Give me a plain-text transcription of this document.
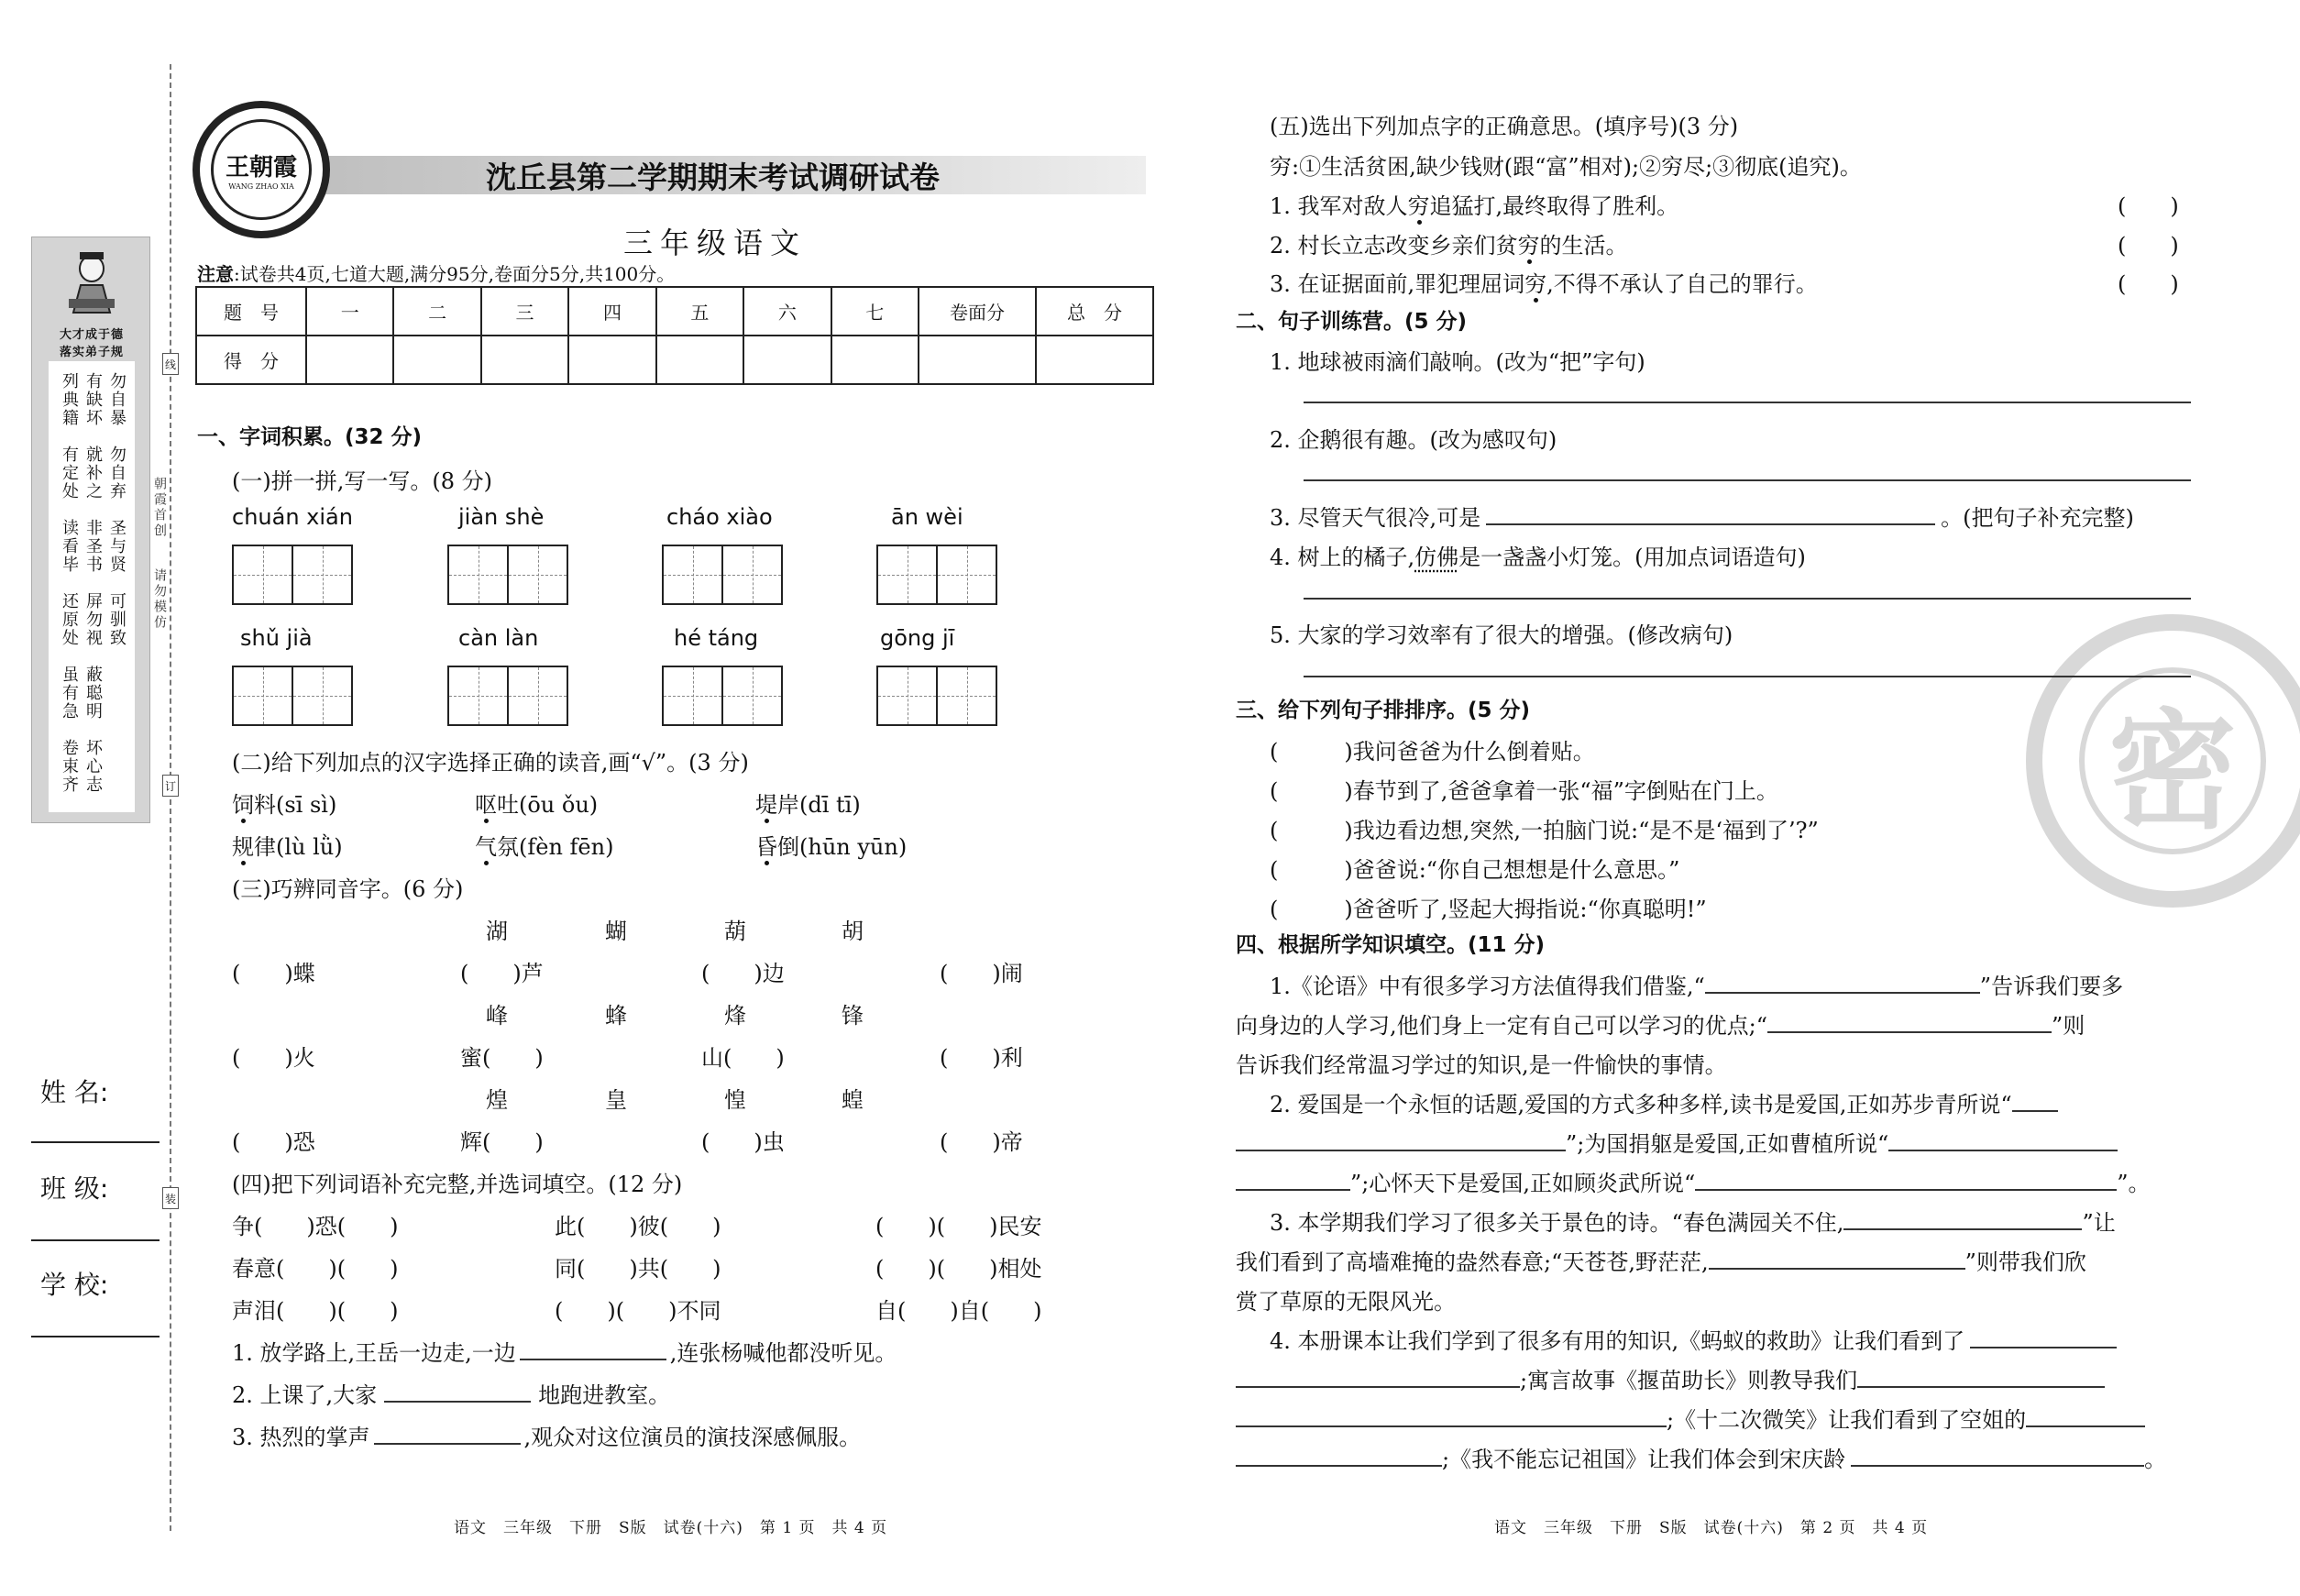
大才成于德
落实弟子规
勿自暴
有缺坏
列典籍
勿自弃
就补之
有定处
圣与贤
非圣书
读看毕
可驯致
屏勿视
还原处
蔽聪明
虽有急
坏心志
卷束齐
线
订
装
朝霞首创
请勿模仿
姓 名:
班 级:
学 校:
王朝霞
WANG ZHAO XIA	沈丘县第二学期期末考试调研试卷
三年级语文
注意:试卷共4页,七道大题,满分95分,卷面分5分,共100分。
题　号	一	二	三	四	五	六	七	卷面分	总　分
得　分									
一、字词积累。(32 分)
(一)拼一拼,写一写。(8 分)
chuán xián	jiàn shè	cháo xiào	ān wèi
shǔ jià	càn làn	hé táng	gōng jī
(二)给下列加点的汉字选择正确的读音,画“√”。(3 分)
饲料(sī sì)	呕吐(ōu ǒu)	堤岸(dī tī)
规律(lù lǜ)	气氛(fèn fēn)	昏倒(hūn yūn)
(三)巧辨同音字。(6 分)
湖	蝴	葫	胡
(　　)蝶	(　　)芦	(　　)边	(　　)闹
峰	蜂	烽	锋
(　　)火	蜜(　　)	山(　　)	(　　)利
煌	皇	惶	蝗
(　　)恐	辉(　　)	(　　)虫	(　　)帝
(四)把下列词语补充完整,并选词填空。(12 分)
争(　　)恐(　　)	此(　　)彼(　　)	(　　)(　　)民安
春意(　　)(　　)	同(　　)共(　　)	(　　)(　　)相处
声泪(　　)(　　)	(　　)(　　)不同	自(　　)自(　　)
1. 放学路上,王岳一边走,一边	,连张杨喊他都没听见。
2. 上课了,大家	地跑进教室。
3. 热烈的掌声	,观众对这位演员的演技深感佩服。
语文　三年级　下册　S版　试卷(十六)　第 1 页　共 4 页
密
(五)选出下列加点字的正确意思。(填序号)(3 分)
穷:①生活贫困,缺少钱财(跟“富”相对);②穷尽;③彻底(追究)。
1. 我军对敌人穷追猛打,最终取得了胜利。	(　　)
2. 村长立志改变乡亲们贫穷的生活。	(　　)
3. 在证据面前,罪犯理屈词穷,不得不承认了自己的罪行。	(　　)
二、句子训练营。(5 分)
1. 地球被雨滴们敲响。(改为“把”字句)
2. 企鹅很有趣。(改为感叹句)
3. 尽管天气很冷,可是	。(把句子补充完整)
4. 树上的橘子,仿佛是一盏盏小灯笼。(用加点词语造句)
5. 大家的学习效率有了很大的增强。(修改病句)
三、给下列句子排排序。(5 分)
(　　　)我问爸爸为什么倒着贴。
(　　　)春节到了,爸爸拿着一张“福”字倒贴在门上。
(　　　)我边看边想,突然,一拍脑门说:“是不是‘福到了’?”
(　　　)爸爸说:“你自己想想是什么意思。”
(　　　)爸爸听了,竖起大拇指说:“你真聪明!”
四、根据所学知识填空。(11 分)
1.《论语》中有很多学习方法值得我们借鉴,“	”告诉我们要多
向身边的人学习,他们身上一定有自己可以学习的优点;“	”则
告诉我们经常温习学过的知识,是一件愉快的事情。
2. 爱国是一个永恒的话题,爱国的方式多种多样,读书是爱国,正如苏步青所说“
”;为国捐躯是爱国,正如曹植所说“
”;心怀天下是爱国,正如顾炎武所说“	”。
3. 本学期我们学习了很多关于景色的诗。“春色满园关不住,	”让
我们看到了高墙难掩的盎然春意;“天苍苍,野茫茫,	”则带我们欣
赏了草原的无限风光。
4. 本册课本让我们学到了很多有用的知识,《蚂蚁的救助》让我们看到了
;寓言故事《揠苗助长》则教导我们
;《十二次微笑》让我们看到了空姐的
;《我不能忘记祖国》让我们体会到宋庆龄	。
语文　三年级　下册　S版　试卷(十六)　第 2 页　共 4 页
